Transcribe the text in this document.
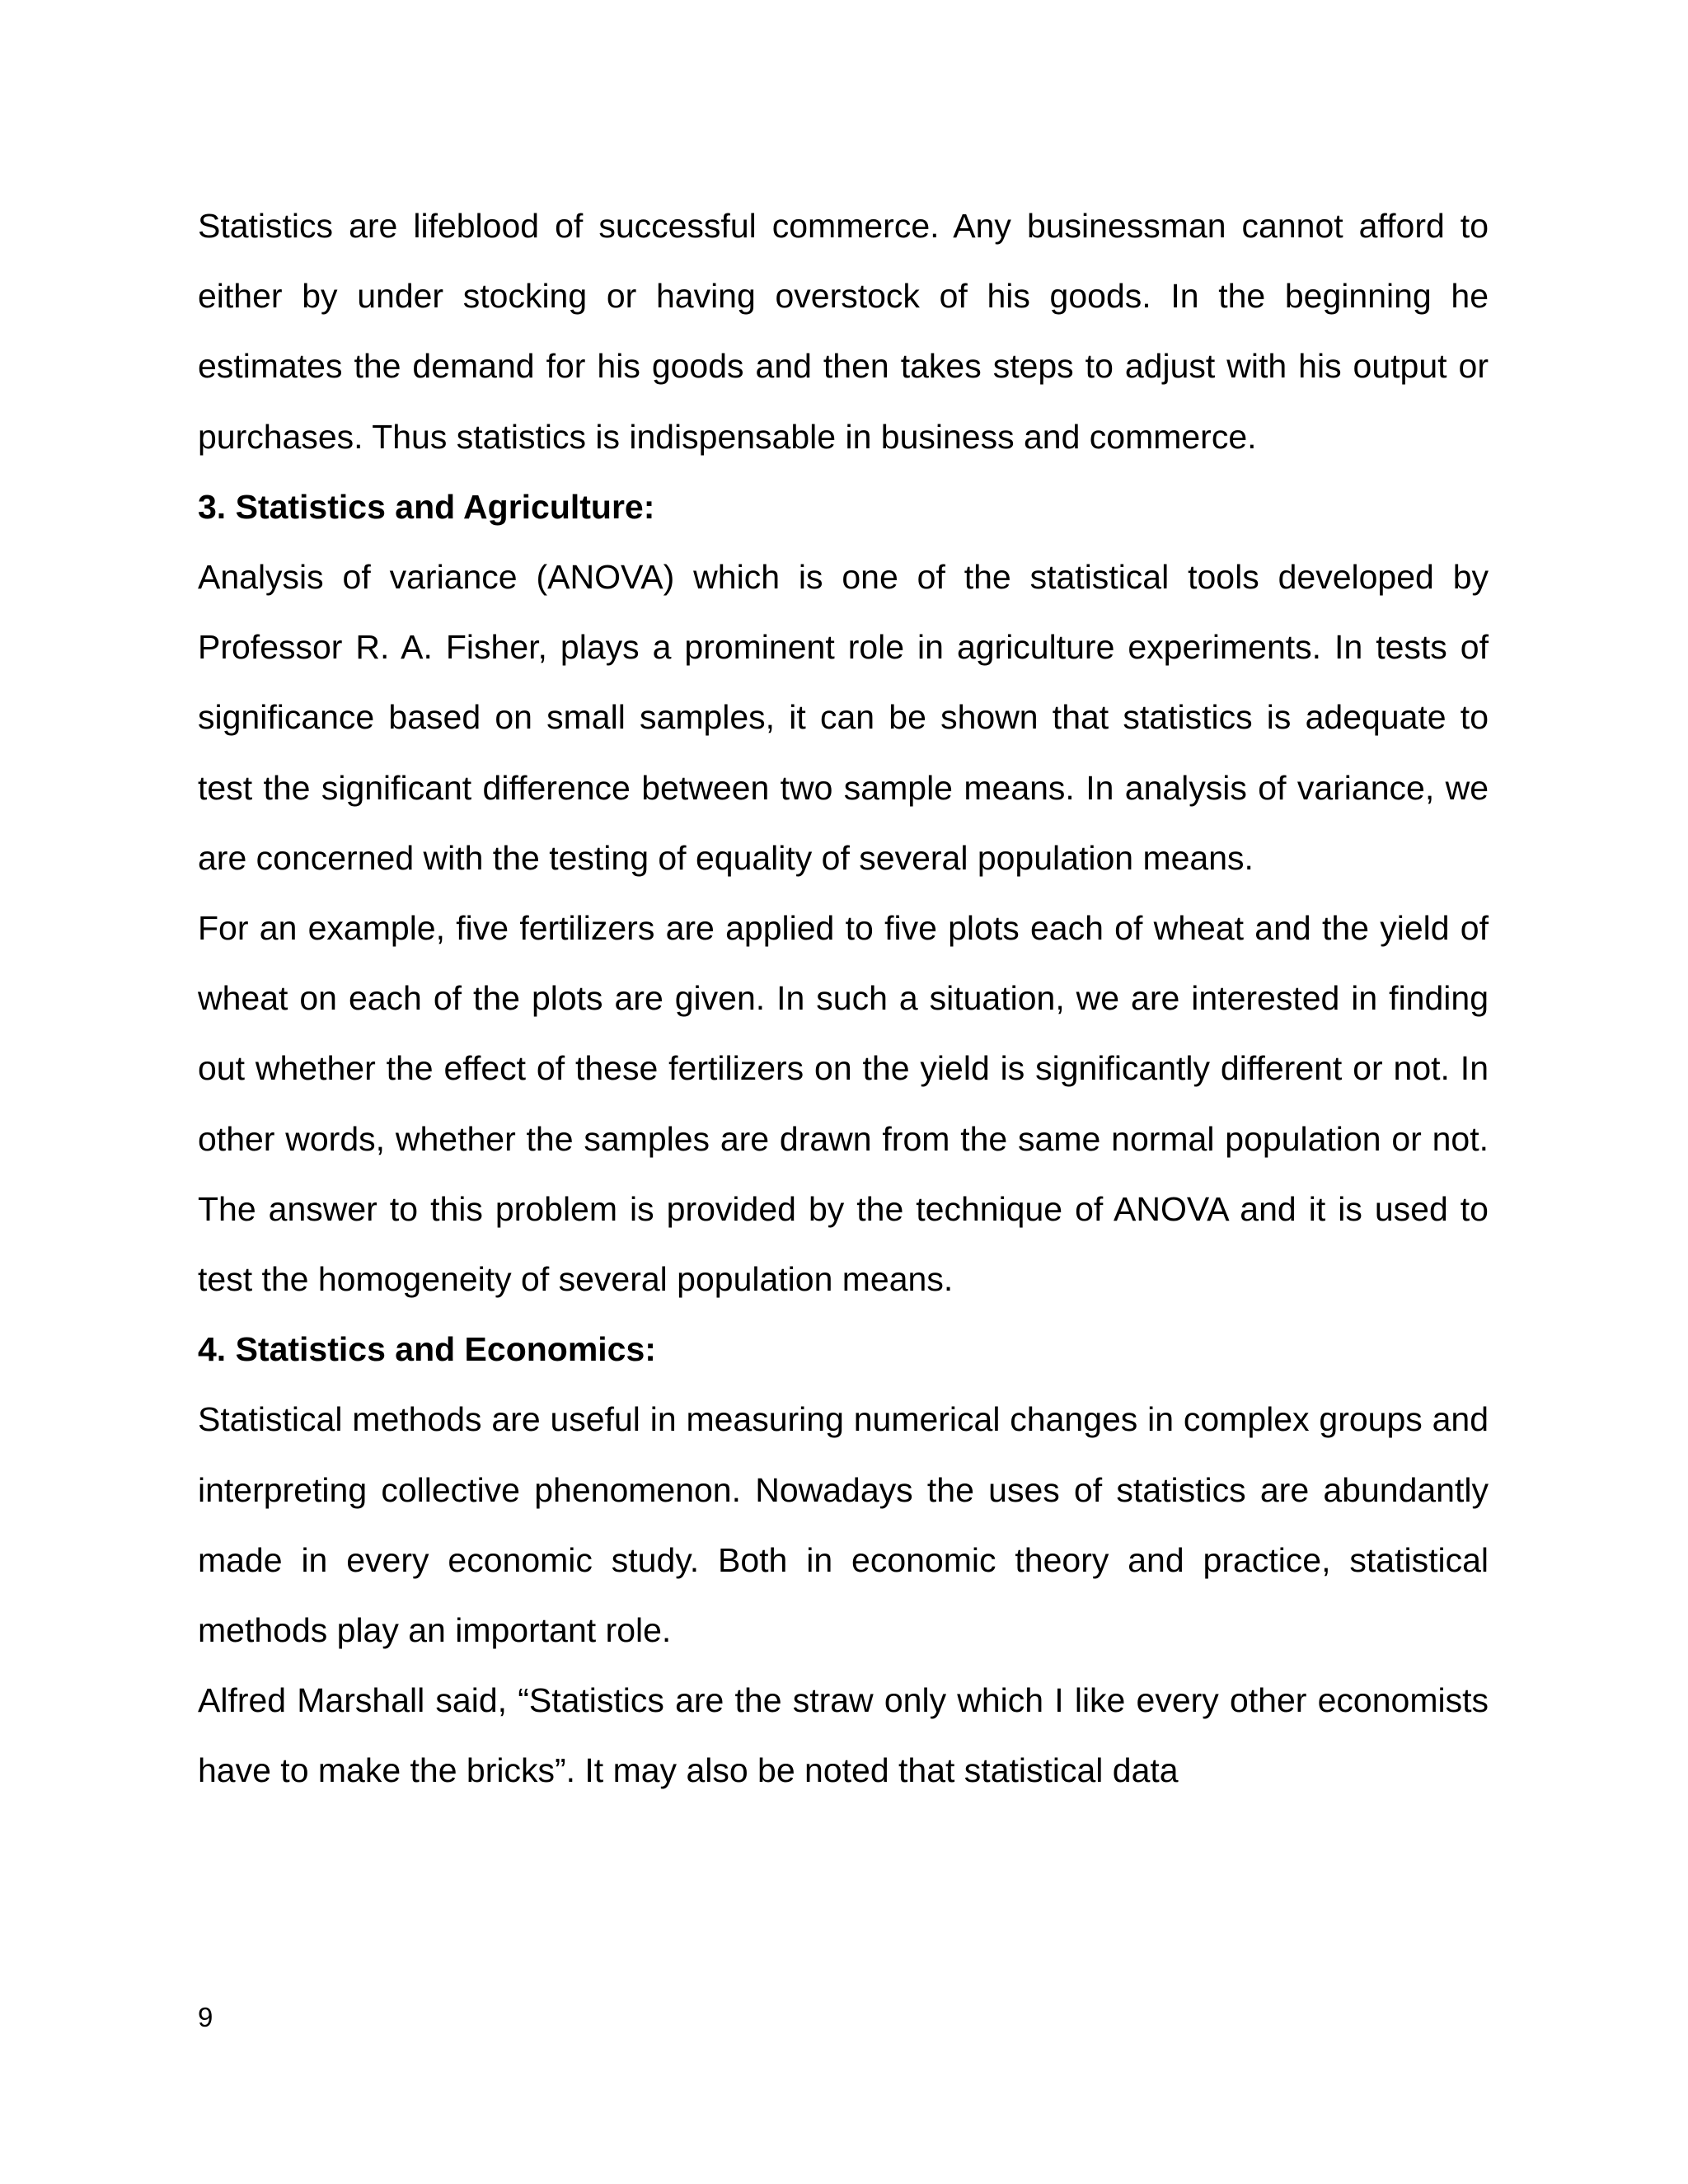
Statistics are lifeblood of successful commerce. Any businessman cannot afford to either by under stocking or having overstock of his goods. In the beginning he estimates the demand for his goods and then takes steps to adjust with his output or purchases. Thus statistics is indispensable in business and commerce.

3. Statistics and Agriculture:

Analysis of variance (ANOVA) which is one of the statistical tools developed by Professor R. A. Fisher, plays a prominent role in agriculture experiments. In tests of significance based on small samples, it can be shown that statistics is adequate to test the significant difference between two sample means. In analysis of variance, we are concerned with the testing of equality of several population means.

For an example, five fertilizers are applied to five plots each of wheat and the yield of wheat on each of the plots are given. In such a situation, we are interested in finding out whether the effect of these fertilizers on the yield is significantly different or not. In other words, whether the samples are drawn from the same normal population or not. The answer to this problem is provided by the technique of ANOVA and it is used to test the homogeneity of several population means.

4. Statistics and Economics:

Statistical methods are useful in measuring numerical changes in complex groups and interpreting collective phenomenon. Nowadays the uses of statistics are abundantly made in every economic study. Both in economic theory and practice, statistical methods play an important role.

Alfred Marshall said, “Statistics are the straw only which I like every other economists have to make the bricks”. It may also be noted that statistical data

9
